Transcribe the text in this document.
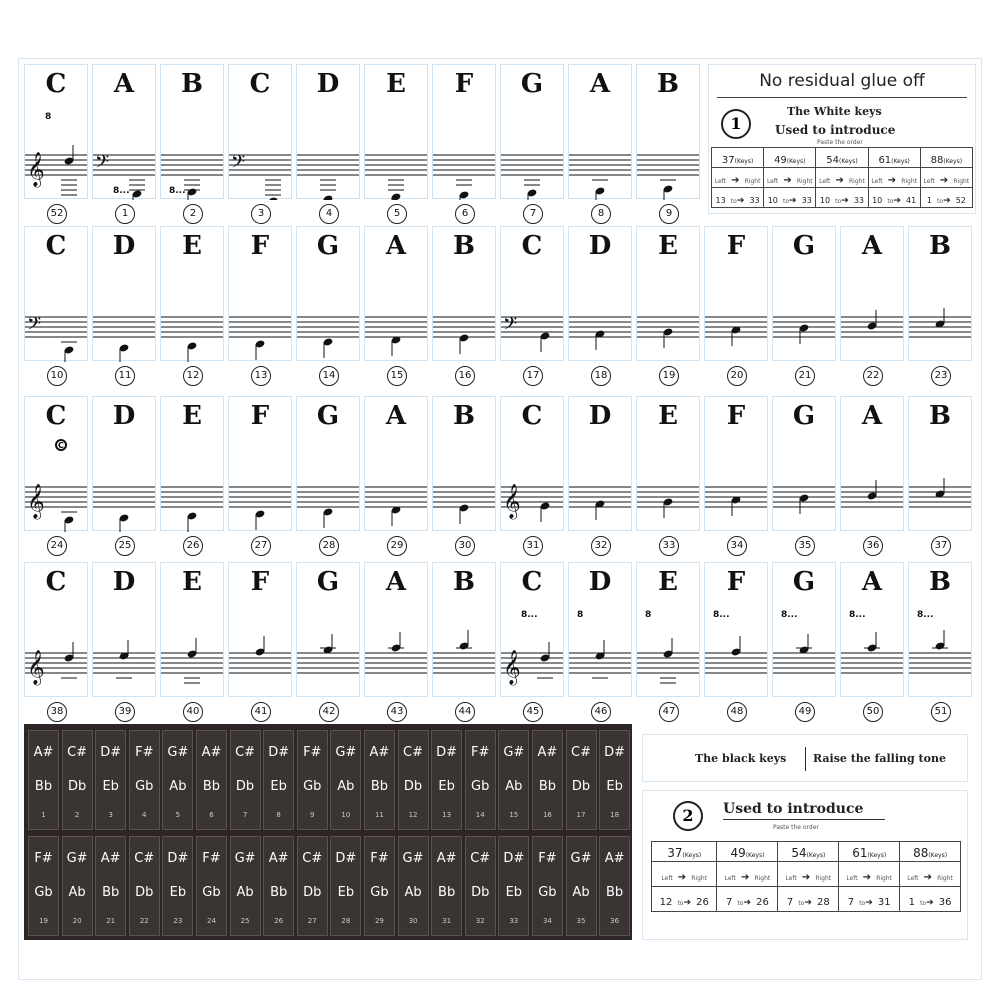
C
𝄞
8
52
A
𝄢
8...
1
B
8...
2
C
𝄢
3
D
4
E
5
F
6
G
7
A
8
B
9
C
𝄢
10
D
11
E
12
F
13
G
14
A
15
B
16
C
𝄢
17
D
18
E
19
F
20
G
21
A
22
B
23
C
𝄞
C
24
D
25
E
26
F
27
G
28
A
29
B
30
C
𝄞
31
D
32
E
33
F
34
G
35
A
36
B
37
C
𝄞
38
D
39
E
40
F
41
G
42
A
43
B
44
C
𝄞
8...
45
D
8
46
E
8
47
F
8...
48
G
8...
49
A
8...
50
B
8...
51
No residual glue off
1
The White keys
Used to introduce
Paste the order
37(Keys)	49(Keys)	54(Keys)	61(Keys)	88(Keys)
Left ➔ Right	Left ➔ Right	Left ➔ Right	Left ➔ Right	Left ➔ Right
13 to➔ 33	10 to➔ 33	10 to➔ 33	10 to➔ 41	1 to➔ 52
A#
Bb
1
C#
Db
2
D#
Eb
3
F#
Gb
4
G#
Ab
5
A#
Bb
6
C#
Db
7
D#
Eb
8
F#
Gb
9
G#
Ab
10
A#
Bb
11
C#
Db
12
D#
Eb
13
F#
Gb
14
G#
Ab
15
A#
Bb
16
C#
Db
17
D#
Eb
18
F#
Gb
19
G#
Ab
20
A#
Bb
21
C#
Db
22
D#
Eb
23
F#
Gb
24
G#
Ab
25
A#
Bb
26
C#
Db
27
D#
Eb
28
F#
Gb
29
G#
Ab
30
A#
Bb
31
C#
Db
32
D#
Eb
33
F#
Gb
34
G#
Ab
35
A#
Bb
36
The black keys Raise the falling tone
2	Used to introduce
Paste the order
37(Keys)	49(Keys)	54(Keys)	61(Keys)	88(Keys)
Left ➔ Right	Left ➔ Right	Left ➔ Right	Left ➔ Right	Left ➔ Right
12 to➔ 26	7 to➔ 26	7 to➔ 28	7 to➔ 31	1 to➔ 36
